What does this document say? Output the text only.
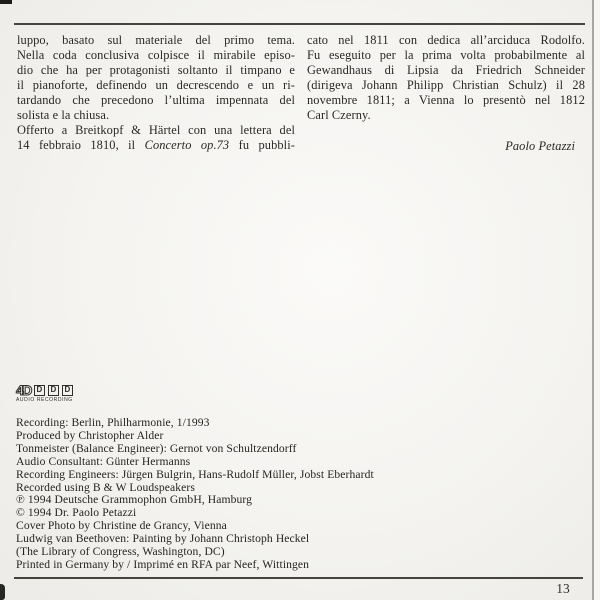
luppo, basato sul materiale del primo tema.
Nella coda conclusiva colpisce il mirabile episo-
dio che ha per protagonisti soltanto il timpano e
il pianoforte, definendo un decrescendo e un ri-
tardando che precedono l’ultima impennata del
solista e la chiusa.
Offerto a Breitkopf & Härtel con una lettera del
14 febbraio 1810, il Concerto op.73 fu pubbli-
cato nel 1811 con dedica all’arciduca Rodolfo.
Fu eseguito per la prima volta probabilmente al
Gewandhaus di Lipsia da Friedrich Schneider
(dirigeva Johann Philipp Christian Schulz) il 28
novembre 1811; a Vienna lo presentò nel 1812
Carl Czerny.
Paolo Petazzi
4D D	D	D
AUDIO RECORDING
Recording: Berlin, Philharmonie, 1/1993
Produced by Christopher Alder
Tonmeister (Balance Engineer): Gernot von Schultzendorff
Audio Consultant: Günter Hermanns
Recording Engineers: Jürgen Bulgrin, Hans-Rudolf Müller, Jobst Eberhardt
Recorded using B & W Loudspeakers
℗ 1994 Deutsche Grammophon GmbH, Hamburg
© 1994 Dr. Paolo Petazzi
Cover Photo by Christine de Grancy, Vienna
Ludwig van Beethoven: Painting by Johann Christoph Heckel
(The Library of Congress, Washington, DC)
Printed in Germany by / Imprimé en RFA par Neef, Wittingen
13
